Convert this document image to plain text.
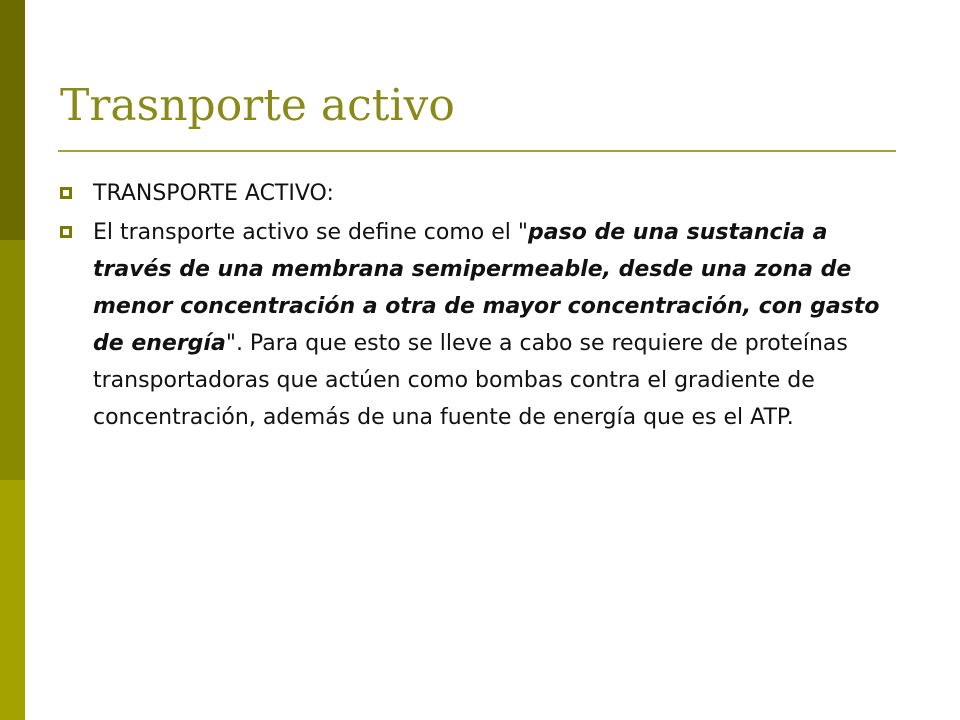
Trasnporte activo
TRANSPORTE ACTIVO:
El transporte activo se define como el "paso de una sustancia a través de una membrana semipermeable, desde una zona de menor concentración a otra de mayor concentración, con gasto de energía". Para que esto se lleve a cabo se requiere de proteínas transportadoras que actúen como bombas contra el gradiente de concentración, además de una fuente de energía que es el ATP.
